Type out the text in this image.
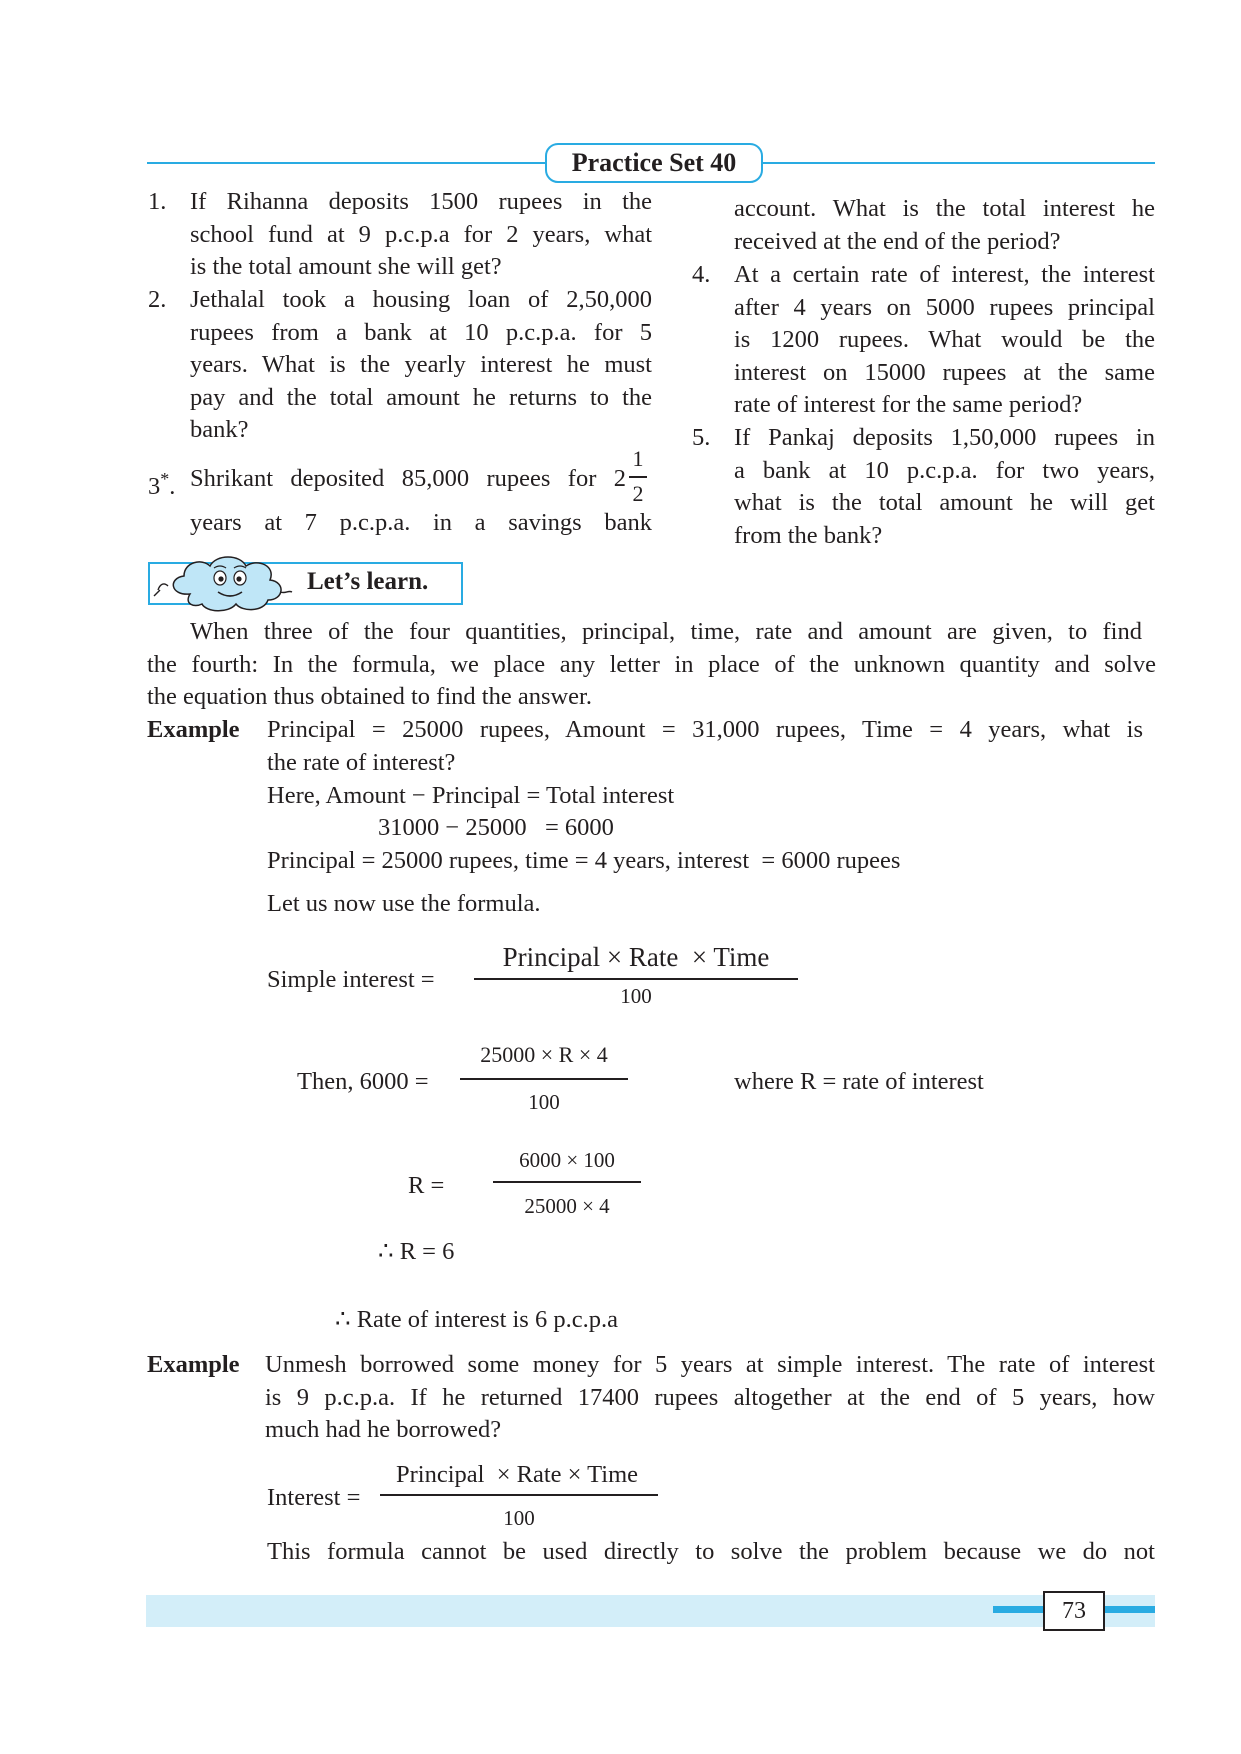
Practice Set 40
1. If Rihanna deposits 1500 rupees in the
school fund at 9 p.c.p.a for 2 years, what
is the total amount she will get?
2. Jethalal took a housing loan of 2,50,000
rupees from a bank at 10 p.c.p.a. for 5
years. What is the yearly interest he must
pay and the total amount he returns to the
bank?
3*. Shrikant deposited 85,000 rupees for 2
1
2
years at 7 p.c.p.a. in a savings bank
account. What is the total interest he
received at the end of the period?
4. At a certain rate of interest, the interest
after 4 years on 5000 rupees principal
is 1200 rupees. What would be the
interest on 15000 rupees at the same
rate of interest for the same period?
5. If Pankaj deposits 1,50,000 rupees in
a bank at 10 p.c.p.a. for two years,
what is the total amount he will get
from the bank?
Let’s learn.
When three of the four quantities, principal, time, rate and amount are given, to find
the fourth: In the formula, we place any letter in place of the unknown quantity and solve
the equation thus obtained to find the answer.
Example Principal = 25000 rupees, Amount = 31,000 rupees, Time = 4 years, what is
the rate of interest?
Here, Amount − Principal = Total interest
31000 − 25000   = 6000
Principal = 25000 rupees, time = 4 years, interest  = 6000 rupees
Let us now use the formula.
Simple interest =
Principal × Rate  × Time
100
Then, 6000 =
25000 × R × 4
100
where R = rate of interest
R =
6000 × 100
25000 × 4
∴ R = 6
∴ Rate of interest is 6 p.c.p.a
Example Unmesh borrowed some money for 5 years at simple interest. The rate of interest
is 9 p.c.p.a. If he returned 17400 rupees altogether at the end of 5 years, how
much had he borrowed?
Interest =
Principal  × Rate × Time
100
This formula cannot be used directly to solve the problem because we do not
73
